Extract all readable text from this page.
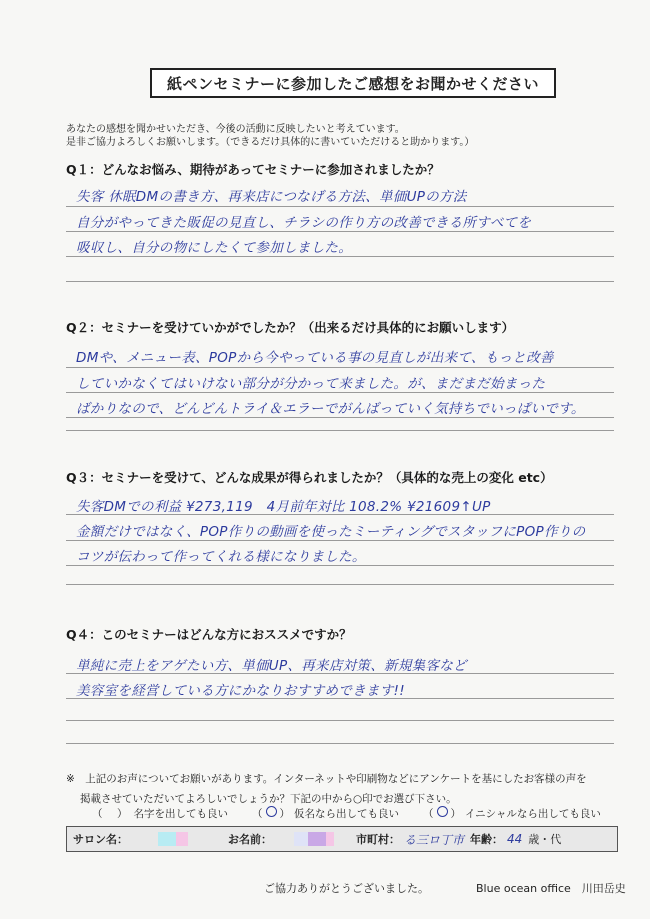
紙ペンセミナーに参加したご感想をお聞かせください
あなたの感想を聞かせいただき、今後の活動に反映したいと考えています。
是非ご協力よろしくお願いします。（できるだけ具体的に書いていただけると助かります。）
Q１：どんなお悩み、期待があってセミナーに参加されましたか？
失客 休眠DMの書き方、再来店につなげる方法、単価UPの方法
自分がやってきた販促の見直し、チラシの作り方の改善できる所すべてを
吸収し、自分の物にしたくて参加しました。
Q２：セミナーを受けていかがでしたか？（出来るだけ具体的にお願いします）
DMや、メニュー表、POPから今やっている事の見直しが出来て、もっと改善
していかなくてはいけない部分が分かって来ました。が、まだまだ始まった
ばかりなので、どんどんトライ＆エラーでがんばっていく気持ちでいっぱいです。
Q３：セミナーを受けて、どんな成果が得られましたか？（具体的な売上の変化 etc）
失客DMでの利益 ¥273,119　4月前年対比 108.2% ¥21609↑UP
金額だけではなく、POP作りの動画を使ったミーティングでスタッフにPOP作りの
コツが伝わって作ってくれる様になりました。
Q４：このセミナーはどんな方におススメですか？
単純に売上をアゲたい方、単価UP、再来店対策、新規集客など
美容室を経営している方にかなりおすすめできます!!
※　上記のお声についてお願いがあります。インターネットや印刷物などにアンケートを基にしたお客様の声を
掲載させていただいてよろしいでしょうか？下記の中から○印でお選び下さい。
（　） 名字を出しても良い （ ） 仮名なら出しても良い （ ） イニシャルなら出しても良い
サロン名：	お名前：	市町村： る三ロ丁市 年齢： 44 歳・代
ご協力ありがとうございました。	Blue ocean office　川田岳史
